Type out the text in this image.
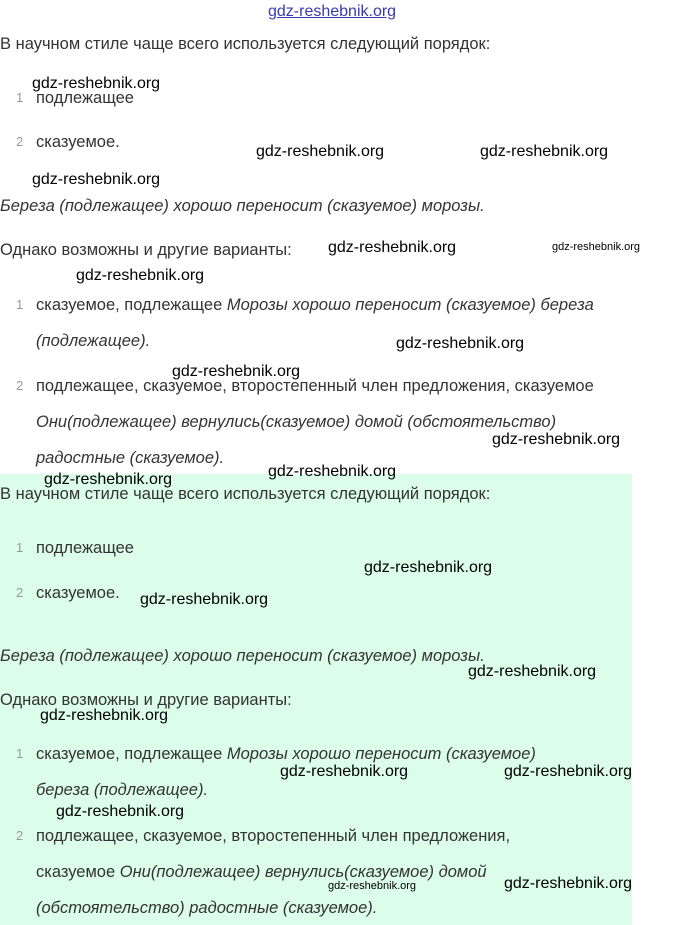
gdz-reshebnik.org
В научном стиле чаще всего используется следующий порядок:
1 подлежащее
2 сказуемое.
Береза (подлежащее) хорошо переносит (сказуемое) морозы.
Однако возможны и другие варианты:
1 сказуемое, подлежащее Морозы хорошо переносит (сказуемое) береза
(подлежащее).
2 подлежащее, сказуемое, второстепенный член предложения, сказуемое
Они(подлежащее) вернулись(сказуемое) домой (обстоятельство)
радостные (сказуемое).
В научном стиле чаще всего используется следующий порядок:
1 подлежащее
2 сказуемое.
Береза (подлежащее) хорошо переносит (сказуемое) морозы.
Однако возможны и другие варианты:
1 сказуемое, подлежащее Морозы хорошо переносит (сказуемое)
береза (подлежащее).
2 подлежащее, сказуемое, второстепенный член предложения,
сказуемое Они(подлежащее) вернулись(сказуемое) домой
(обстоятельство) радостные (сказуемое).
gdz-reshebnik.org
gdz-reshebnik.org	gdz-reshebnik.org
gdz-reshebnik.org
gdz-reshebnik.org	gdz-reshebnik.org
gdz-reshebnik.org
gdz-reshebnik.org
gdz-reshebnik.org
gdz-reshebnik.org
gdz-reshebnik.org
gdz-reshebnik.org
gdz-reshebnik.org
gdz-reshebnik.org
gdz-reshebnik.org
gdz-reshebnik.org
gdz-reshebnik.org	gdz-reshebnik.org
gdz-reshebnik.org
gdz-reshebnik.org
gdz-reshebnik.org
